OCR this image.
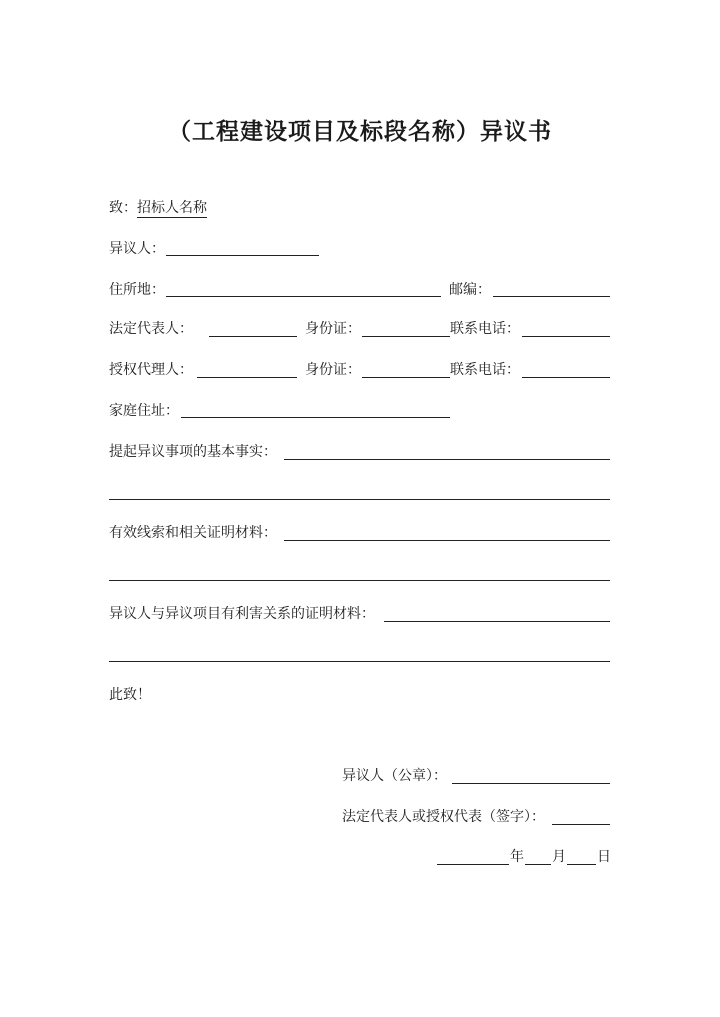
（工程建设项目及标段名称）异议书
致：招标人名称
异议人：
住所地：	邮编：
法定代表人：	身份证：	联系电话：
授权代理人：	身份证：	联系电话：
家庭住址：
提起异议事项的基本事实：
有效线索和相关证明材料：
异议人与异议项目有利害关系的证明材料：
此致！
异议人（公章）：
法定代表人或授权代表（签字）：
年 月 日
